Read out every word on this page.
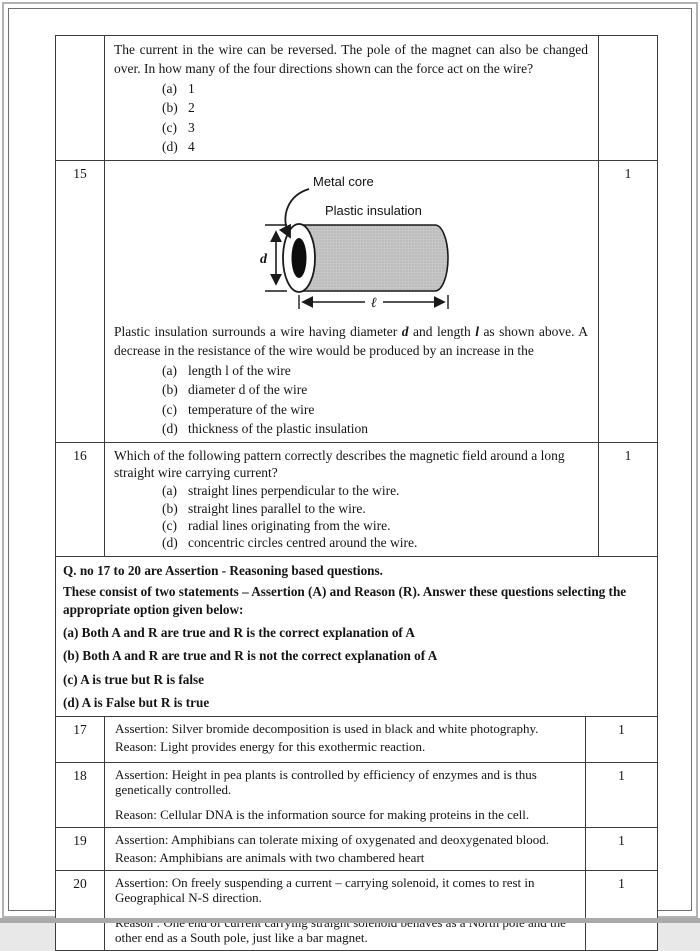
The current in the wire can be reversed. The pole of the magnet can also be changed over. In how many of the four directions shown can the force act on the wire?
(a) 1
(b) 2
(c) 3
(d) 4
15
Metal core
Plastic insulation
d
ℓ
Plastic insulation surrounds a wire having diameter d and length l as shown above. A decrease in the resistance of the wire would be produced by an increase in the
(a) length l of the wire
(b) diameter d of the wire
(c) temperature of the wire
(d) thickness of the plastic insulation
1
16	Which of the following pattern correctly describes the magnetic field around a long straight wire carrying current?
(a) straight lines perpendicular to the wire.
(b) straight lines parallel to the wire.
(c) radial lines originating from the wire.
(d) concentric circles centred around the wire.
1

Q. no 17 to 20 are Assertion - Reasoning based questions.

These consist of two statements – Assertion (A) and Reason (R). Answer these questions selecting the appropriate option given below:

(a) Both A and R are true and R is the correct explanation of A

(b) Both A and R are true and R is not the correct explanation of A

(c) A is true but R is false

(d) A is False but R is true

17	Assertion: Silver bromide decomposition is used in black and white photography.

Reason: Light provides energy for this exothermic reaction.

1
18	Assertion: Height in pea plants is controlled by efficiency of enzymes and is thus genetically controlled.

Reason: Cellular DNA is the information source for making proteins in the cell.

1
19	Assertion: Amphibians can tolerate mixing of oxygenated and deoxygenated blood.

Reason: Amphibians are animals with two chambered heart

1
20	Assertion: On freely suspending a current – carrying solenoid, it comes to rest in Geographical N-S direction.

other end as a South pole, just like a bar magnet.

1
